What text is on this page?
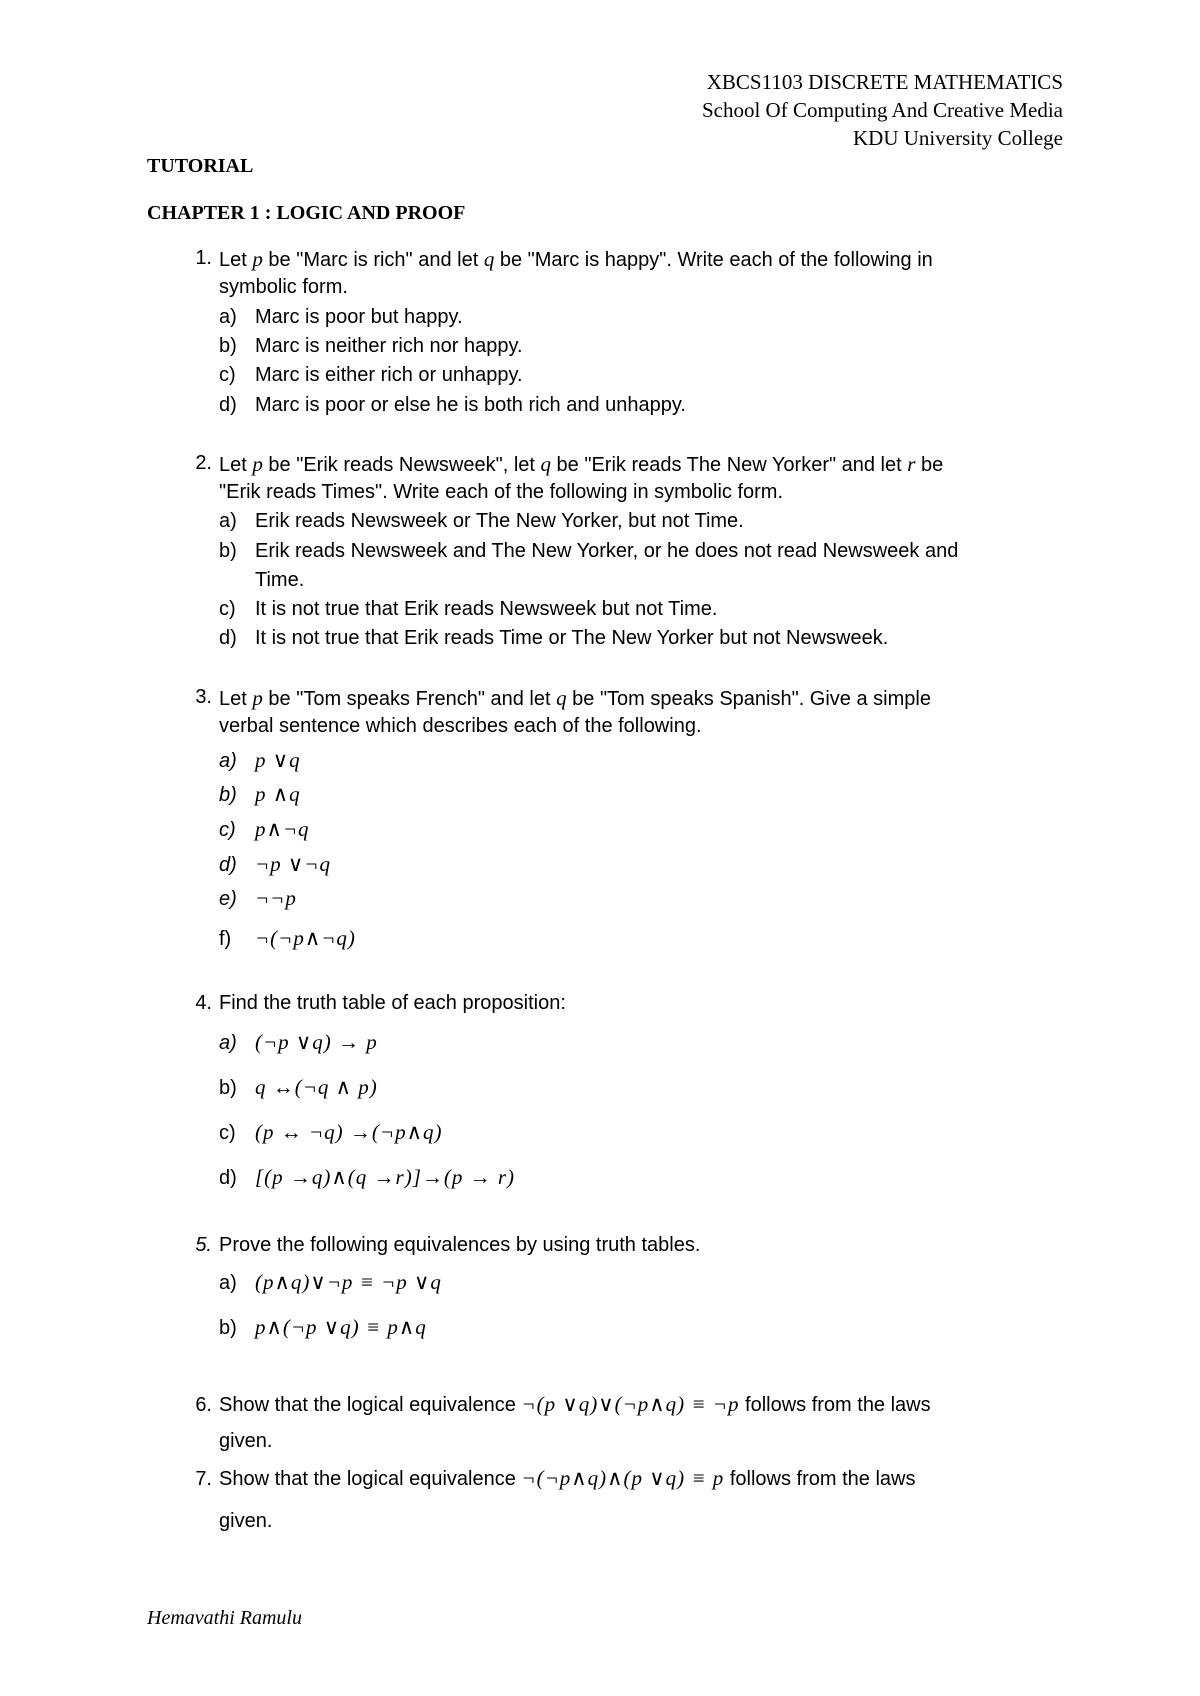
XBCS1103 DISCRETE MATHEMATICS
School Of Computing And Creative Media
KDU University College
TUTORIAL
CHAPTER 1 : LOGIC AND PROOF
1. Let p be "Marc is rich" and let q be "Marc is happy". Write each of the following in
symbolic form.
a) Marc is poor but happy.
b) Marc is neither rich nor happy.
c) Marc is either rich or unhappy.
d) Marc is poor or else he is both rich and unhappy.
2. Let p be "Erik reads Newsweek", let q be "Erik reads The New Yorker" and let r be
"Erik reads Times". Write each of the following in symbolic form.
a) Erik reads Newsweek or The New Yorker, but not Time.
b) Erik reads Newsweek and The New Yorker, or he does not read Newsweek and
Time.
c) It is not true that Erik reads Newsweek but not Time.
d) It is not true that Erik reads Time or The New Yorker but not Newsweek.
3. Let p be "Tom speaks French" and let q be "Tom speaks Spanish". Give a simple
verbal sentence which describes each of the following.
a) p ∨q
b) p ∧q
c) p∧¬q
d) ¬p ∨¬q
e) ¬¬p
f) ¬(¬p∧¬q)
4. Find the truth table of each proposition:
a) (¬p ∨q) → p
b) q ↔(¬q ∧ p)
c) (p ↔ ¬q) →(¬p∧q)
d) [(p →q)∧(q →r)]→(p → r)
5. Prove the following equivalences by using truth tables.
a) (p∧q)∨¬p ≡ ¬p ∨q
b) p∧(¬p ∨q) ≡ p∧q
6. Show that the logical equivalence ¬(p ∨q)∨(¬p∧q) ≡ ¬p follows from the laws
given.
7. Show that the logical equivalence ¬(¬p∧q)∧(p ∨q) ≡ p follows from the laws
given.
Hemavathi Ramulu
